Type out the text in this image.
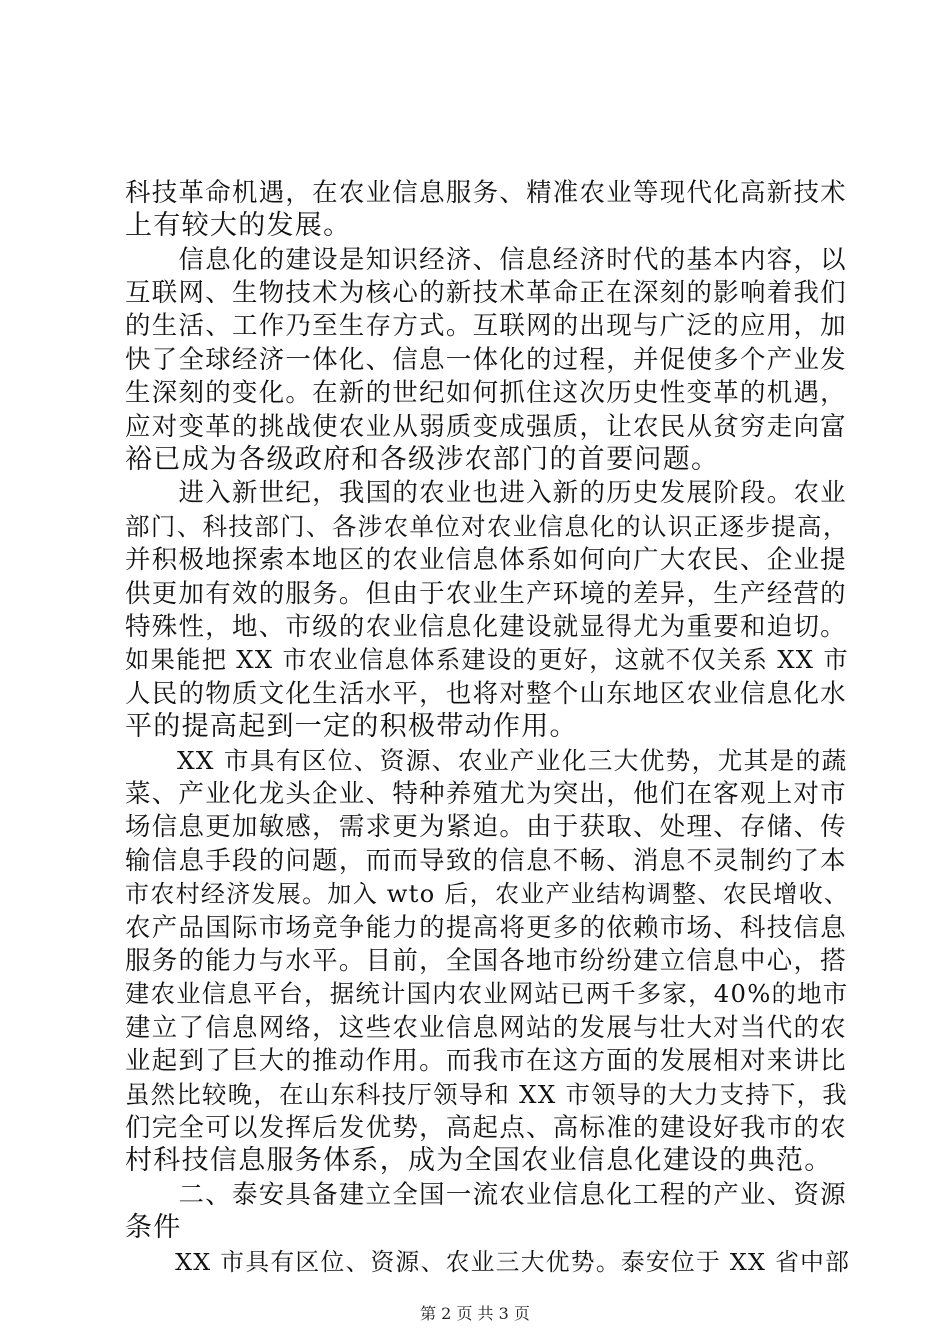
科技革命机遇，在农业信息服务、精准农业等现代化高新技术
上有较大的发展。
　　信息化的建设是知识经济、信息经济时代的基本内容，以
互联网、生物技术为核心的新技术革命正在深刻的影响着我们
的生活、工作乃至生存方式。互联网的出现与广泛的应用，加
快了全球经济一体化、信息一体化的过程，并促使多个产业发
生深刻的变化。在新的世纪如何抓住这次历史性变革的机遇，
应对变革的挑战使农业从弱质变成强质，让农民从贫穷走向富
裕已成为各级政府和各级涉农部门的首要问题。
　　进入新世纪，我国的农业也进入新的历史发展阶段。农业
部门、科技部门、各涉农单位对农业信息化的认识正逐步提高，
并积极地探索本地区的农业信息体系如何向广大农民、企业提
供更加有效的服务。但由于农业生产环境的差异，生产经营的
特殊性，地、市级的农业信息化建设就显得尤为重要和迫切。
如果能把 XX 市农业信息体系建设的更好，这就不仅关系 XX 市
人民的物质文化生活水平，也将对整个山东地区农业信息化水
平的提高起到一定的积极带动作用。
　　XX 市具有区位、资源、农业产业化三大优势，尤其是的蔬
菜、产业化龙头企业、特种养殖尤为突出，他们在客观上对市
场信息更加敏感，需求更为紧迫。由于获取、处理、存储、传
输信息手段的问题，而而导致的信息不畅、消息不灵制约了本
市农村经济发展。加入 wto 后，农业产业结构调整、农民增收、
农产品国际市场竞争能力的提高将更多的依赖市场、科技信息
服务的能力与水平。目前，全国各地市纷纷建立信息中心，搭
建农业信息平台，据统计国内农业网站已两千多家，40%的地市
建立了信息网络，这些农业信息网站的发展与壮大对当代的农
业起到了巨大的推动作用。而我市在这方面的发展相对来讲比
虽然比较晚，在山东科技厅领导和 XX 市领导的大力支持下，我
们完全可以发挥后发优势，高起点、高标准的建设好我市的农
村科技信息服务体系，成为全国农业信息化建设的典范。
　　二、泰安具备建立全国一流农业信息化工程的产业、资源
条件
　　XX 市具有区位、资源、农业三大优势。泰安位于 XX 省中部
第 2 页 共 3 页
